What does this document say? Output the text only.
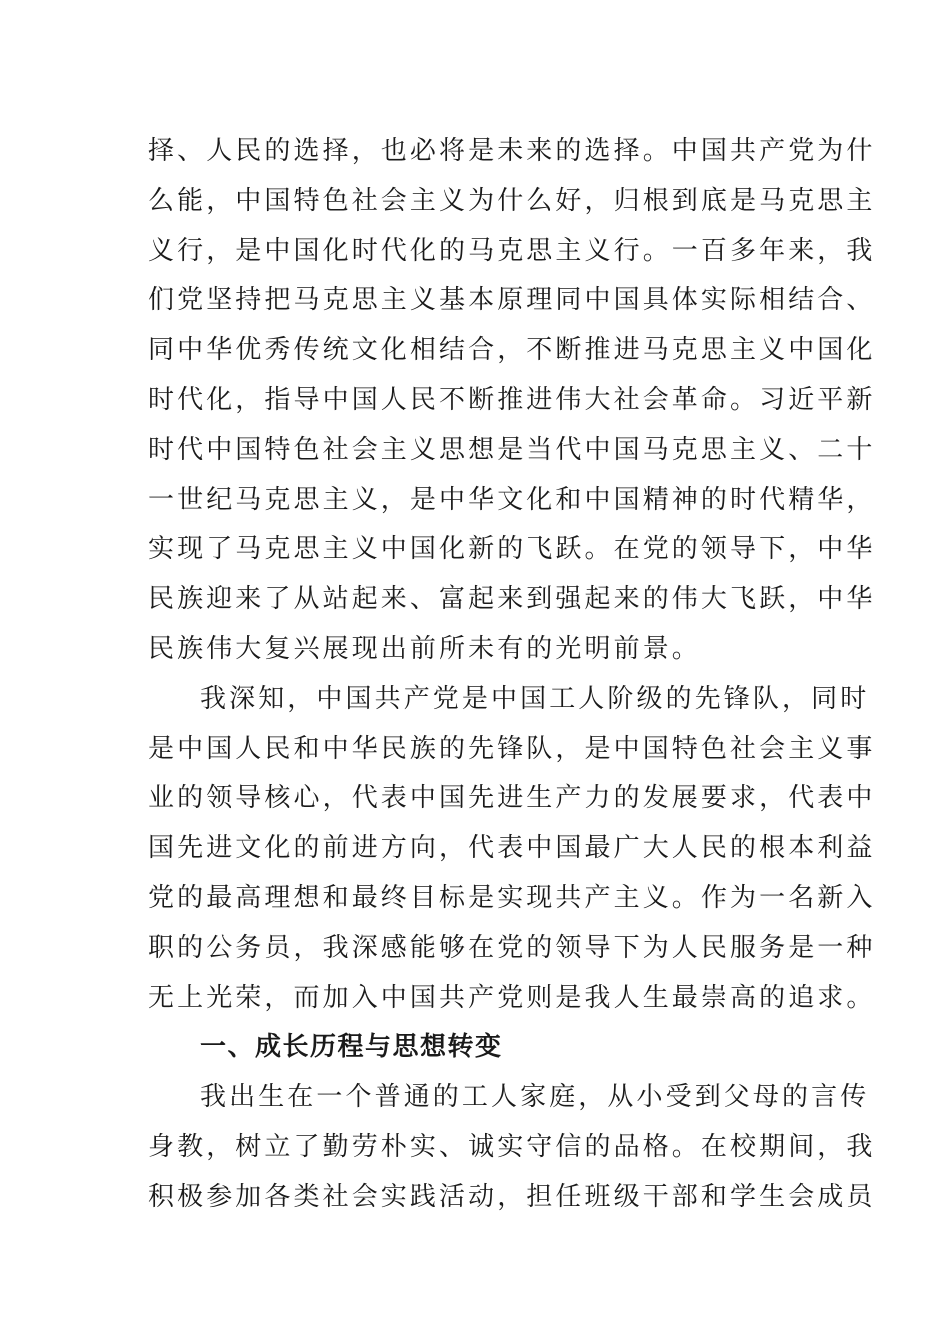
择、人民的选择，也必将是未来的选择。中国共产党为什
么能，中国特色社会主义为什么好，归根到底是马克思主
义行，是中国化时代化的马克思主义行。一百多年来，我
们党坚持把马克思主义基本原理同中国具体实际相结合、
同中华优秀传统文化相结合，不断推进马克思主义中国化
时代化，指导中国人民不断推进伟大社会革命。习近平新
时代中国特色社会主义思想是当代中国马克思主义、二十
一世纪马克思主义，是中华文化和中国精神的时代精华，
实现了马克思主义中国化新的飞跃。在党的领导下，中华
民族迎来了从站起来、富起来到强起来的伟大飞跃，中华
民族伟大复兴展现出前所未有的光明前景。
我深知，中国共产党是中国工人阶级的先锋队，同时
是中国人民和中华民族的先锋队，是中国特色社会主义事
业的领导核心，代表中国先进生产力的发展要求，代表中
国先进文化的前进方向，代表中国最广大人民的根本利益
党的最高理想和最终目标是实现共产主义。作为一名新入
职的公务员，我深感能够在党的领导下为人民服务是一种
无上光荣，而加入中国共产党则是我人生最崇高的追求。
一、成长历程与思想转变
我出生在一个普通的工人家庭，从小受到父母的言传
身教，树立了勤劳朴实、诚实守信的品格。在校期间，我
积极参加各类社会实践活动，担任班级干部和学生会成员
